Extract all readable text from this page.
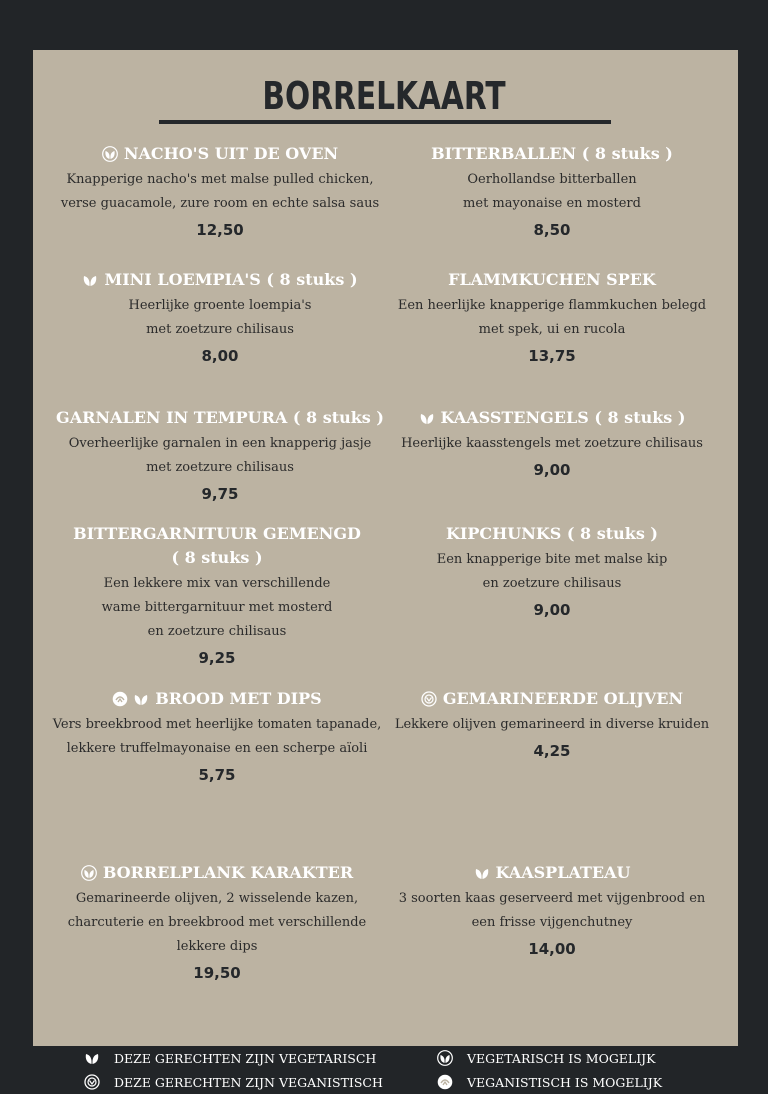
BORRELKAART
NACHO'S UIT DE OVEN
Knapperige nacho's met malse pulled chicken,
verse guacamole, zure room en echte salsa saus
12,50
BITTERBALLEN ( 8 stuks )
Oerhollandse bitterballen
met mayonaise en mosterd
8,50
MINI LOEMPIA'S ( 8 stuks )
Heerlijke groente loempia's
met zoetzure chilisaus
8,00
FLAMMKUCHEN SPEK
Een heerlijke knapperige flammkuchen belegd
met spek, ui en rucola
13,75
GARNALEN IN TEMPURA ( 8 stuks )
Overheerlijke garnalen in een knapperig jasje
met zoetzure chilisaus
9,75
KAASSTENGELS ( 8 stuks )
Heerlijke kaasstengels met zoetzure chilisaus
9,00
BITTERGARNITUUR GEMENGD
( 8 stuks )
Een lekkere mix van verschillende
wame bittergarnituur met mosterd
en zoetzure chilisaus
9,25
KIPCHUNKS ( 8 stuks )
Een knapperige bite met malse kip
en zoetzure chilisaus
9,00
BROOD MET DIPS
Vers breekbrood met heerlijke tomaten tapanade,
lekkere truffelmayonaise en een scherpe aïoli
5,75
GEMARINEERDE OLIJVEN
Lekkere olijven gemarineerd in diverse kruiden
4,25
BORRELPLANK KARAKTER
Gemarineerde olijven, 2 wisselende kazen,
charcuterie en breekbrood met verschillende
lekkere dips
19,50
KAASPLATEAU
3 soorten kaas geserveerd met vijgenbrood en
een frisse vijgenchutney
14,00
DEZE GERECHTEN ZIJN VEGETARISCH	VEGETARISCH IS MOGELIJK
DEZE GERECHTEN ZIJN VEGANISTISCH	VEGANISTISCH IS MOGELIJK
